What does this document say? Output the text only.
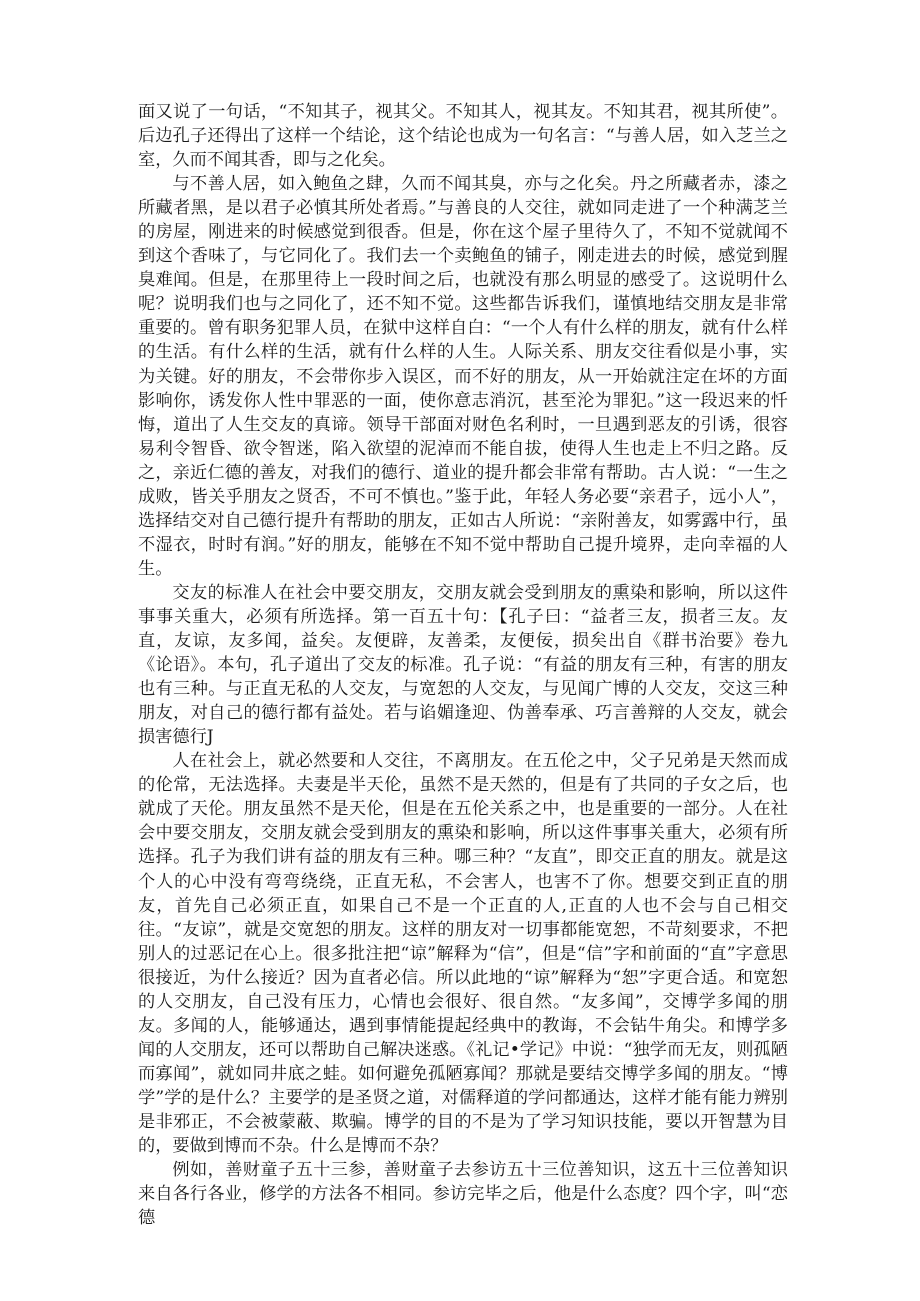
面又说了一句话，“不知其子，视其父。不知其人，视其友。不知其君，视其所使”。后边孔子还得出了这样一个结论，这个结论也成为一句名言：“与善人居，如入芝兰之室，久而不闻其香，即与之化矣。

与不善人居，如入鲍鱼之肆，久而不闻其臭，亦与之化矣。丹之所藏者赤，漆之所藏者黑，是以君子必慎其所处者焉。”与善良的人交往，就如同走进了一个种满芝兰的房屋，刚进来的时候感觉到很香。但是，你在这个屋子里待久了，不知不觉就闻不到这个香味了，与它同化了。我们去一个卖鲍鱼的铺子，刚走进去的时候，感觉到腥臭难闻。但是，在那里待上一段时间之后，也就没有那么明显的感受了。这说明什么呢？说明我们也与之同化了，还不知不觉。这些都告诉我们，谨慎地结交朋友是非常重要的。曾有职务犯罪人员，在狱中这样自白：“一个人有什么样的朋友，就有什么样的生活。有什么样的生活，就有什么样的人生。人际关系、朋友交往看似是小事，实为关键。好的朋友，不会带你步入误区，而不好的朋友，从一开始就注定在坏的方面影响你，诱发你人性中罪恶的一面，使你意志消沉，甚至沦为罪犯。”这一段迟来的忏悔，道出了人生交友的真谛。领导干部面对财色名利时，一旦遇到恶友的引诱，很容易利令智昏、欲令智迷，陷入欲望的泥淖而不能自拔，使得人生也走上不归之路。反之，亲近仁德的善友，对我们的德行、道业的提升都会非常有帮助。古人说：“一生之成败，皆关乎朋友之贤否，不可不慎也。”鉴于此，年轻人务必要“亲君子，远小人”，选择结交对自己德行提升有帮助的朋友，正如古人所说：“亲附善友，如雾露中行，虽不湿衣，时时有润。”好的朋友，能够在不知不觉中帮助自己提升境界，走向幸福的人生。

交友的标准人在社会中要交朋友，交朋友就会受到朋友的熏染和影响，所以这件事事关重大，必须有所选择。第一百五十句：【孔子曰：“益者三友，损者三友。友直，友谅，友多闻，益矣。友便辟，友善柔，友便佞，损矣出自《群书治要》卷九《论语》。本句，孔子道出了交友的标准。孔子说：“有益的朋友有三种，有害的朋友也有三种。与正直无私的人交友，与宽恕的人交友，与见闻广博的人交友，交这三种朋友，对自己的德行都有益处。若与谄媚逢迎、伪善奉承、巧言善辩的人交友，就会损害德行J

人在社会上，就必然要和人交往，不离朋友。在五伦之中，父子兄弟是天然而成的伦常，无法选择。夫妻是半天伦，虽然不是天然的，但是有了共同的子女之后，也就成了天伦。朋友虽然不是天伦，但是在五伦关系之中，也是重要的一部分。人在社会中要交朋友，交朋友就会受到朋友的熏染和影响，所以这件事事关重大，必须有所选择。孔子为我们讲有益的朋友有三种。哪三种？“友直”，即交正直的朋友。就是这个人的心中没有弯弯绕绕，正直无私，不会害人，也害不了你。想要交到正直的朋友，首先自己必须正直，如果自己不是一个正直的人,正直的人也不会与自己相交往。“友谅”，就是交宽恕的朋友。这样的朋友对一切事都能宽恕，不苛刻要求，不把别人的过恶记在心上。很多批注把“谅”解释为“信”，但是“信”字和前面的“直”字意思很接近，为什么接近？因为直者必信。所以此地的“谅”解释为“恕”字更合适。和宽恕的人交朋友，自己没有压力，心情也会很好、很自然。“友多闻”，交博学多闻的朋友。多闻的人，能够通达，遇到事情能提起经典中的教诲，不会钻牛角尖。和博学多闻的人交朋友，还可以帮助自己解决迷惑。《礼记•学记》中说：“独学而无友，则孤陋而寡闻”，就如同井底之蛙。如何避免孤陋寡闻？那就是要结交博学多闻的朋友。“博学”学的是什么？主要学的是圣贤之道，对儒释道的学问都通达，这样才能有能力辨别是非邪正，不会被蒙蔽、欺骗。博学的目的不是为了学习知识技能，要以开智慧为目的，要做到博而不杂。什么是博而不杂？

例如，善财童子五十三参，善财童子去参访五十三位善知识，这五十三位善知识来自各行各业，修学的方法各不相同。参访完毕之后，他是什么态度？四个字，叫“恋德
